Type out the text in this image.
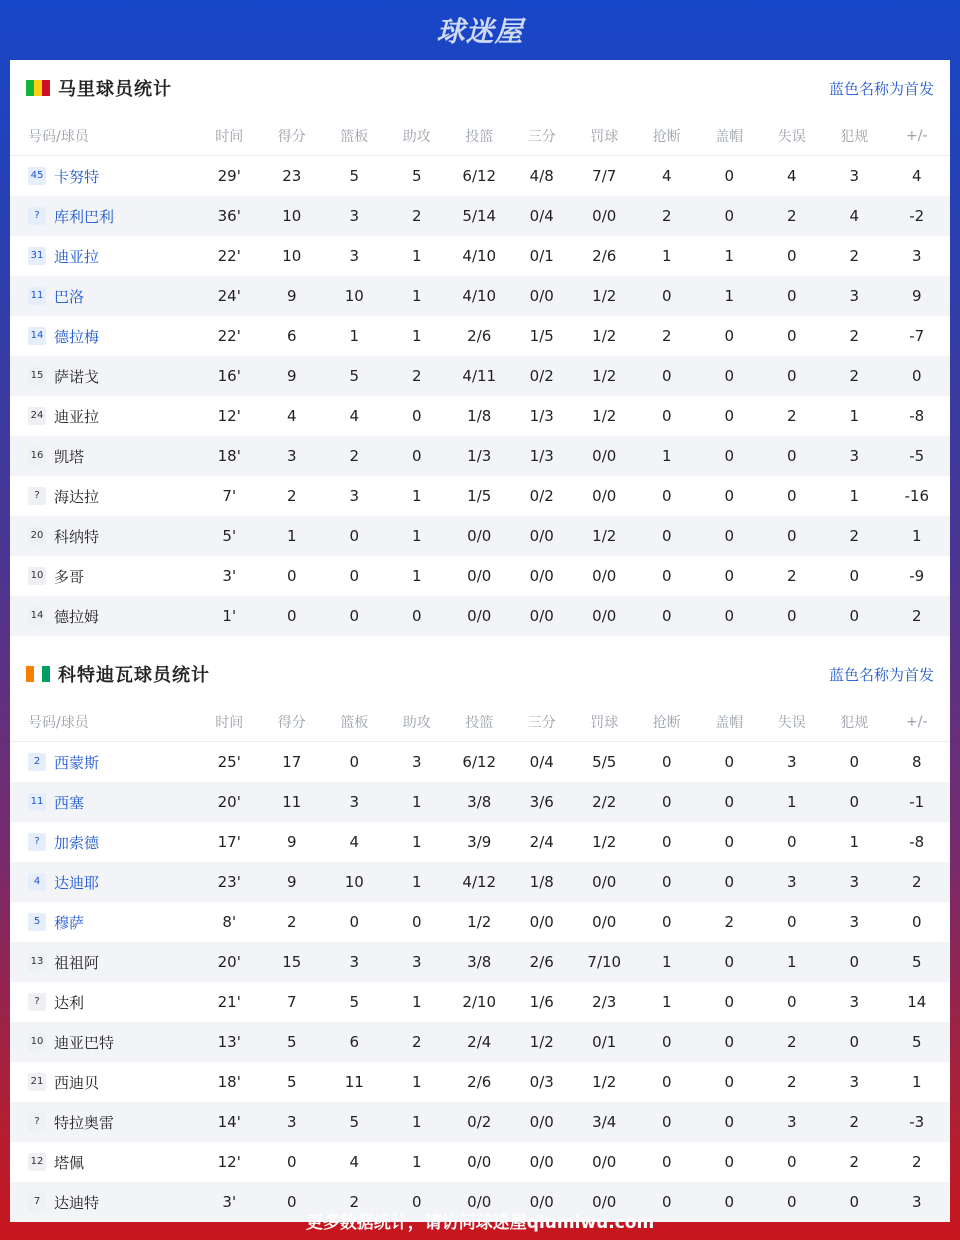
球迷屋
马里球员统计	蓝色名称为首发
号码/球员	时间	得分	篮板	助攻	投篮	三分	罚球	抢断	盖帽	失误	犯规	+/-
45 卡努特	29'	23	5	5	6/12	4/8	7/7	4	0	4	3	4
? 库利巴利	36'	10	3	2	5/14	0/4	0/0	2	0	2	4	-2
31 迪亚拉	22'	10	3	1	4/10	0/1	2/6	1	1	0	2	3
11 巴洛	24'	9	10	1	4/10	0/0	1/2	0	1	0	3	9
14 德拉梅	22'	6	1	1	2/6	1/5	1/2	2	0	0	2	-7
15 萨诺戈	16'	9	5	2	4/11	0/2	1/2	0	0	0	2	0
24 迪亚拉	12'	4	4	0	1/8	1/3	1/2	0	0	2	1	-8
16 凯塔	18'	3	2	0	1/3	1/3	0/0	1	0	0	3	-5
? 海达拉	7'	2	3	1	1/5	0/2	0/0	0	0	0	1	-16
20 科纳特	5'	1	0	1	0/0	0/0	1/2	0	0	0	2	1
10 多哥	3'	0	0	1	0/0	0/0	0/0	0	0	2	0	-9
14 德拉姆	1'	0	0	0	0/0	0/0	0/0	0	0	0	0	2
科特迪瓦球员统计	蓝色名称为首发
号码/球员	时间	得分	篮板	助攻	投篮	三分	罚球	抢断	盖帽	失误	犯规	+/-
2 西蒙斯	25'	17	0	3	6/12	0/4	5/5	0	0	3	0	8
11 西塞	20'	11	3	1	3/8	3/6	2/2	0	0	1	0	-1
? 加索德	17'	9	4	1	3/9	2/4	1/2	0	0	0	1	-8
4 达迪耶	23'	9	10	1	4/12	1/8	0/0	0	0	3	3	2
5 穆萨	8'	2	0	0	1/2	0/0	0/0	0	2	0	3	0
13 祖祖阿	20'	15	3	3	3/8	2/6	7/10	1	0	1	0	5
? 达利	21'	7	5	1	2/10	1/6	2/3	1	0	0	3	14
10 迪亚巴特	13'	5	6	2	2/4	1/2	0/1	0	0	2	0	5
21 西迪贝	18'	5	11	1	2/6	0/3	1/2	0	0	2	3	1
? 特拉奥雷	14'	3	5	1	0/2	0/0	3/4	0	0	3	2	-3
12 塔佩	12'	0	4	1	0/0	0/0	0/0	0	0	0	2	2
7 达迪特	3'	0	2	0	0/0	0/0	0/0	0	0	0	0	3
更多数据统计，请访问球迷屋qiumiwu.com
